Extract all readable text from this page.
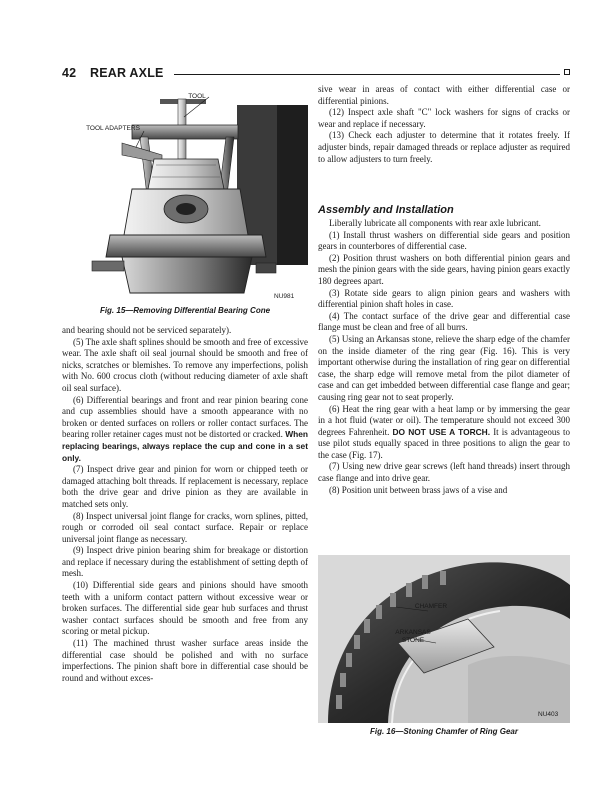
42 REAR AXLE
TOOL
TOOL ADAPTERS
NU981
Fig. 15—Removing Differential Bearing Cone

and bearing should not be serviced separately).

(5) The axle shaft splines should be smooth and free of excessive wear. The axle shaft oil seal journal should be smooth and free of nicks, scratches or blemishes. To remove any imperfections, polish with No. 600 crocus cloth (without reducing diameter of axle shaft oil seal surface).

(6) Differential bearings and front and rear pinion bearing cone and cup assemblies should have a smooth appearance with no broken or dented surfaces on rollers or roller contact surfaces. The bearing roller retainer cages must not be distorted or cracked. When replacing bearings, always replace the cup and cone in a set only.

(7) Inspect drive gear and pinion for worn or chipped teeth or damaged attaching bolt threads. If replacement is necessary, replace both the drive gear and drive pinion as they are available in matched sets only.

(8) Inspect universal joint flange for cracks, worn splines, pitted, rough or corroded oil seal contact surface. Repair or replace universal joint flange as necessary.

(9) Inspect drive pinion bearing shim for breakage or distortion and replace if necessary during the establishment of setting depth of mesh.

(10) Differential side gears and pinions should have smooth teeth with a uniform contact pattern without excessive wear or broken surfaces. The differential side gear hub surfaces and thrust washer contact surfaces should be smooth and free from any scoring or metal pickup.

(11) The machined thrust washer surface areas inside the differential case should be polished and with no surface imperfections. The pinion shaft bore in differential case should be round and without exces-

sive wear in areas of contact with either differential case or differential pinions.

(12) Inspect axle shaft "C" lock washers for signs of cracks or wear and replace if necessary.

(13) Check each adjuster to determine that it rotates freely. If adjuster binds, repair damaged threads or replace adjuster as required to allow adjusters to turn freely.

Assembly and Installation

Liberally lubricate all components with rear axle lubricant.

(1) Install thrust washers on differential side gears and position gears in counterbores of differential case.

(2) Position thrust washers on both differential pinion gears and mesh the pinion gears with the side gears, having pinion gears exactly 180 degrees apart.

(3) Rotate side gears to align pinion gears and washers with differential pinion shaft holes in case.

(4) The contact surface of the drive gear and differential case flange must be clean and free of all burrs.

(5) Using an Arkansas stone, relieve the sharp edge of the chamfer on the inside diameter of the ring gear (Fig. 16). This is very important otherwise during the installation of ring gear on differential case, the sharp edge will remove metal from the pilot diameter of case and can get imbedded between differential case flange and gear; causing ring gear not to seat properly.

(6) Heat the ring gear with a heat lamp or by immersing the gear in a hot fluid (water or oil). The temperature should not exceed 300 degrees Fahrenheit. DO NOT USE A TORCH. It is advantageous to use pilot studs equally spaced in three positions to align the gear to the case (Fig. 17).

(7) Using new drive gear screws (left hand threads) insert through case flange and into drive gear.

(8) Position unit between brass jaws of a vise and

CHAMFER
ARKANSAS STONE
NU403
Fig. 16—Stoning Chamfer of Ring Gear
